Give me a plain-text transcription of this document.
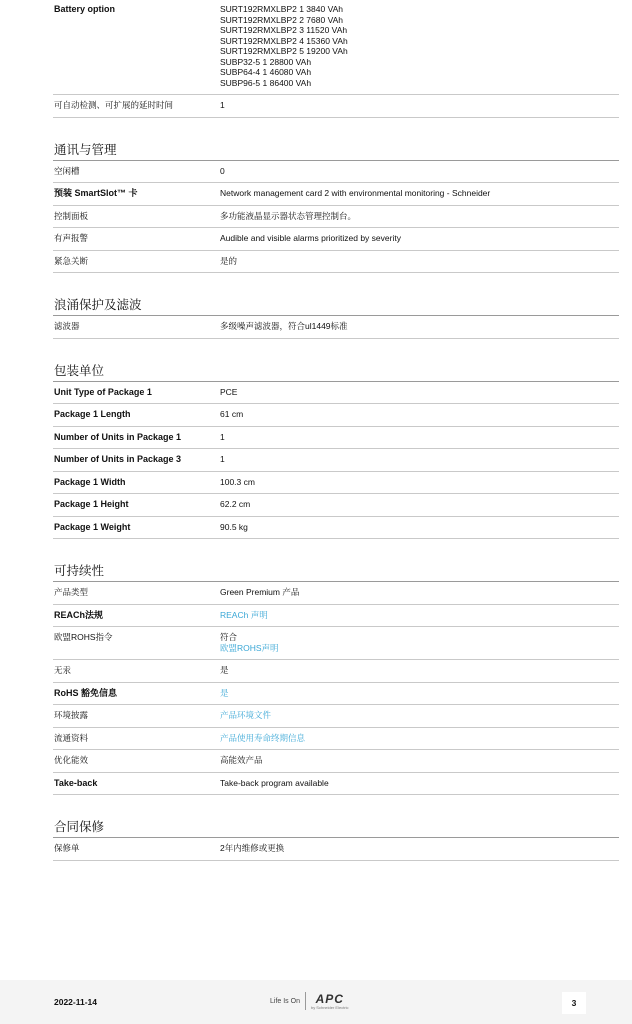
Battery option	SURT192RMXLBP2 1 3840 VAh
SURT192RMXLBP2 2 7680 VAh
SURT192RMXLBP2 3 11520 VAh
SURT192RMXLBP2 4 15360 VAh
SURT192RMXLBP2 5 19200 VAh
SUBP32-5 1 28800 VAh
SUBP64-4 1 46080 VAh
SUBP96-5 1 86400 VAh
可自动检测、可扩展的延时时间	1
通讯与管理
空闲槽	0
预装 SmartSlot™ 卡	Network management card 2 with environmental monitoring - Schneider
控制面板	多功能液晶显示器状态管理控制台。
有声报警	Audible and visible alarms prioritized by severity
紧急关断	是的
浪涌保护及滤波
滤波器	多级噪声滤波器，符合ul1449标准
包装单位
Unit Type of Package 1	PCE
Package 1 Length	61 cm
Number of Units in Package 1	1
Number of Units in Package 3	1
Package 1 Width	100.3 cm
Package 1 Height	62.2 cm
Package 1 Weight	90.5 kg
可持续性
产品类型	Green Premium 产品
REACh法规	REACh 声明
欧盟ROHS指令	符合
欧盟ROHS声明
无汞	是
RoHS 豁免信息	是
环境披露	产品环境文件
流通资料	产品使用寿命终期信息
优化能效	高能效产品
Take-back	Take-back program available
合同保修
保修单	2年内维修或更换
2022-11-14	Life Is On APC
by Schneider Electric	3
